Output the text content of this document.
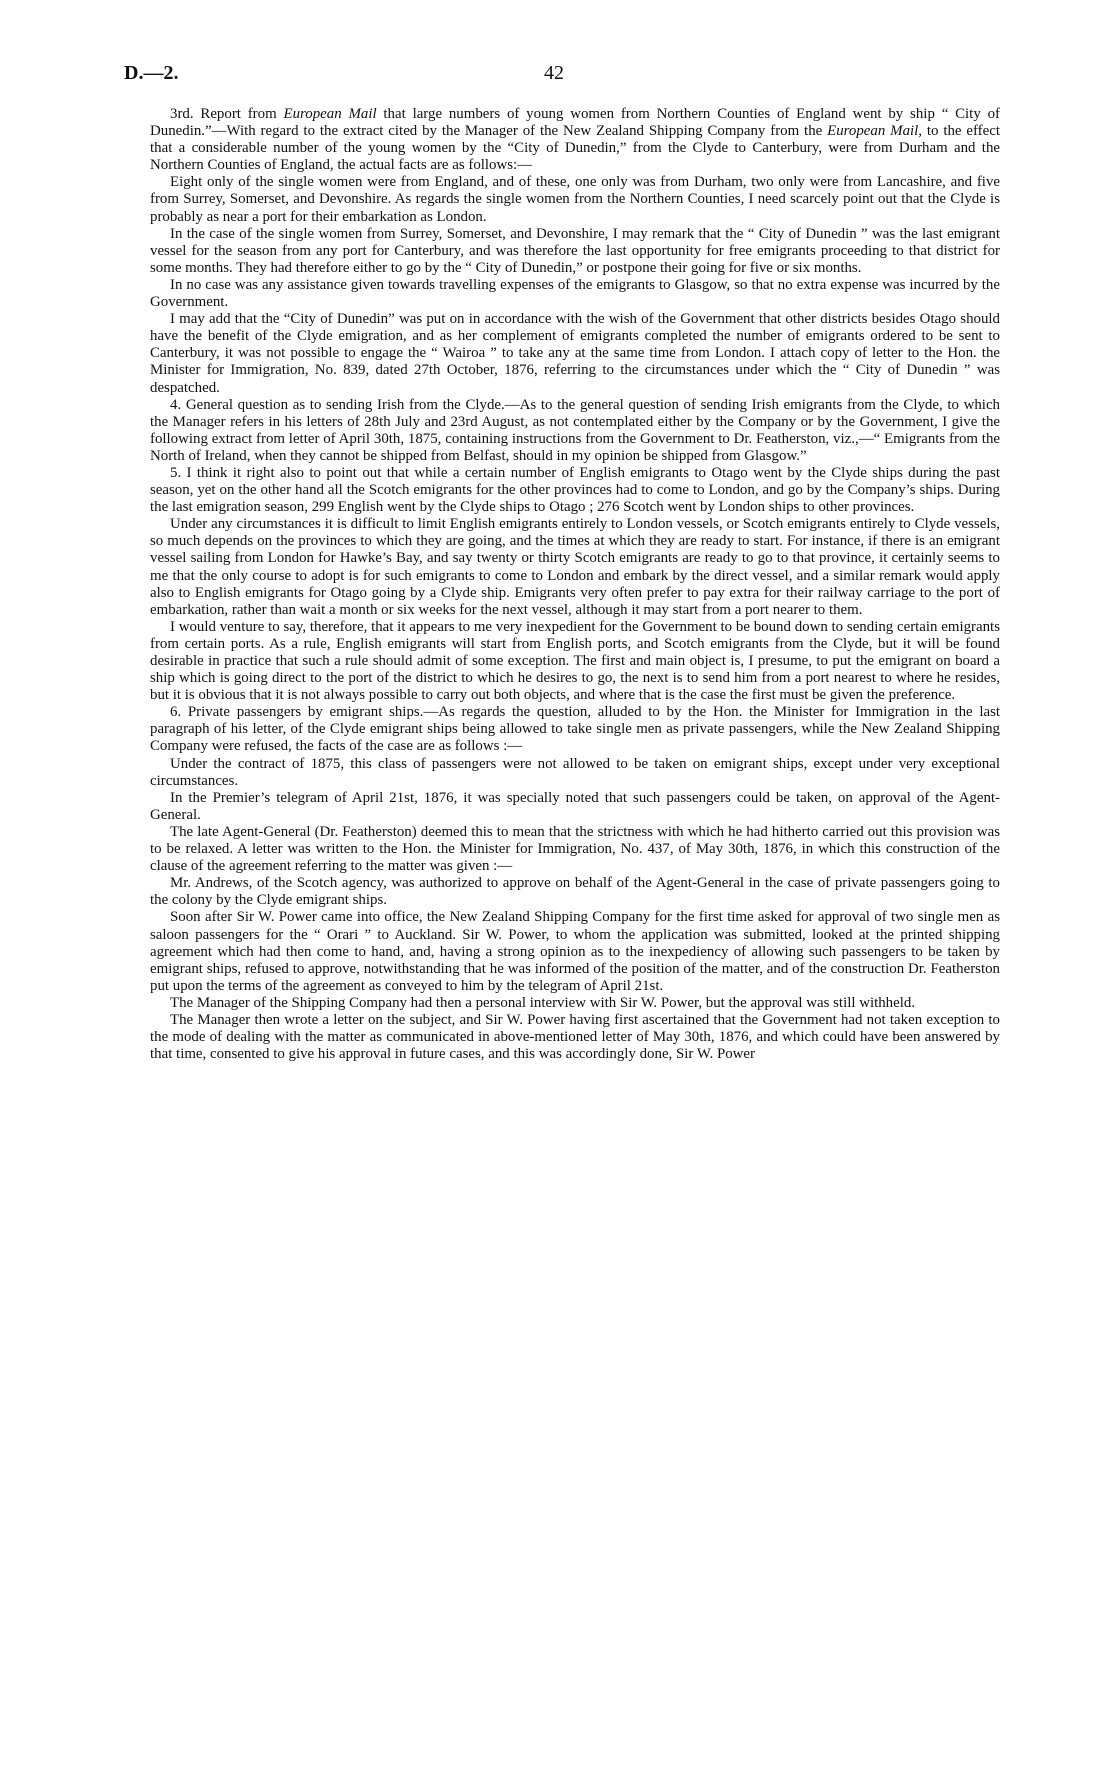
D.—2.	42

3rd. Report from European Mail that large numbers of young women from Northern Counties of England went by ship “ City of Dunedin.”—With regard to the extract cited by the Manager of the New Zealand Shipping Company from the European Mail, to the effect that a considerable number of the young women by the “City of Dunedin,” from the Clyde to Canterbury, were from Durham and the Northern Counties of England, the actual facts are as follows:—

Eight only of the single women were from England, and of these, one only was from Durham, two only were from Lancashire, and five from Surrey, Somerset, and Devonshire. As regards the single women from the Northern Counties, I need scarcely point out that the Clyde is probably as near a port for their embarkation as London.

In the case of the single women from Surrey, Somerset, and Devonshire, I may remark that the “ City of Dunedin ” was the last emigrant vessel for the season from any port for Canterbury, and was therefore the last opportunity for free emigrants proceeding to that district for some months. They had therefore either to go by the “ City of Dunedin,” or postpone their going for five or six months.

In no case was any assistance given towards travelling expenses of the emigrants to Glasgow, so that no extra expense was incurred by the Government.

I may add that the “City of Dunedin” was put on in accordance with the wish of the Government that other districts besides Otago should have the benefit of the Clyde emigration, and as her complement of emigrants completed the number of emigrants ordered to be sent to Canterbury, it was not possible to engage the “ Wairoa ” to take any at the same time from London. I attach copy of letter to the Hon. the Minister for Immigration, No. 839, dated 27th October, 1876, referring to the circumstances under which the “ City of Dunedin ” was despatched.

4. General question as to sending Irish from the Clyde.—As to the general question of sending Irish emigrants from the Clyde, to which the Manager refers in his letters of 28th July and 23rd August, as not contemplated either by the Company or by the Government, I give the following extract from letter of April 30th, 1875, containing instructions from the Government to Dr. Featherston, viz.,—“ Emigrants from the North of Ireland, when they cannot be shipped from Belfast, should in my opinion be shipped from Glasgow.”

5. I think it right also to point out that while a certain number of English emigrants to Otago went by the Clyde ships during the past season, yet on the other hand all the Scotch emigrants for the other provinces had to come to London, and go by the Company’s ships. During the last emigration season, 299 English went by the Clyde ships to Otago ; 276 Scotch went by London ships to other provinces.

Under any circumstances it is difficult to limit English emigrants entirely to London vessels, or Scotch emigrants entirely to Clyde vessels, so much depends on the provinces to which they are going, and the times at which they are ready to start. For instance, if there is an emigrant vessel sailing from London for Hawke’s Bay, and say twenty or thirty Scotch emigrants are ready to go to that province, it certainly seems to me that the only course to adopt is for such emigrants to come to London and embark by the direct vessel, and a similar remark would apply also to English emigrants for Otago going by a Clyde ship. Emigrants very often prefer to pay extra for their railway carriage to the port of embarkation, rather than wait a month or six weeks for the next vessel, although it may start from a port nearer to them.

I would venture to say, therefore, that it appears to me very inexpedient for the Government to be bound down to sending certain emigrants from certain ports. As a rule, English emigrants will start from English ports, and Scotch emigrants from the Clyde, but it will be found desirable in practice that such a rule should admit of some exception. The first and main object is, I presume, to put the emigrant on board a ship which is going direct to the port of the district to which he desires to go, the next is to send him from a port nearest to where he resides, but it is obvious that it is not always possible to carry out both objects, and where that is the case the first must be given the preference.

6. Private passengers by emigrant ships.—As regards the question, alluded to by the Hon. the Minister for Immigration in the last paragraph of his letter, of the Clyde emigrant ships being allowed to take single men as private passengers, while the New Zealand Shipping Company were refused, the facts of the case are as follows :—

Under the contract of 1875, this class of passengers were not allowed to be taken on emigrant ships, except under very exceptional circumstances.

In the Premier’s telegram of April 21st, 1876, it was specially noted that such passengers could be taken, on approval of the Agent-General.

The late Agent-General (Dr. Featherston) deemed this to mean that the strictness with which he had hitherto carried out this provision was to be relaxed. A letter was written to the Hon. the Minister for Immigration, No. 437, of May 30th, 1876, in which this construction of the clause of the agreement referring to the matter was given :—

Mr. Andrews, of the Scotch agency, was authorized to approve on behalf of the Agent-General in the case of private passengers going to the colony by the Clyde emigrant ships.

Soon after Sir W. Power came into office, the New Zealand Shipping Company for the first time asked for approval of two single men as saloon passengers for the “ Orari ” to Auckland. Sir W. Power, to whom the application was submitted, looked at the printed shipping agreement which had then come to hand, and, having a strong opinion as to the inexpediency of allowing such passengers to be taken by emigrant ships, refused to approve, notwithstanding that he was informed of the position of the matter, and of the construction Dr. Featherston put upon the terms of the agreement as conveyed to him by the telegram of April 21st.

The Manager of the Shipping Company had then a personal interview with Sir W. Power, but the approval was still withheld.

The Manager then wrote a letter on the subject, and Sir W. Power having first ascertained that the Government had not taken exception to the mode of dealing with the matter as communicated in above-mentioned letter of May 30th, 1876, and which could have been answered by that time, consented to give his approval in future cases, and this was accordingly done, Sir W. Power
